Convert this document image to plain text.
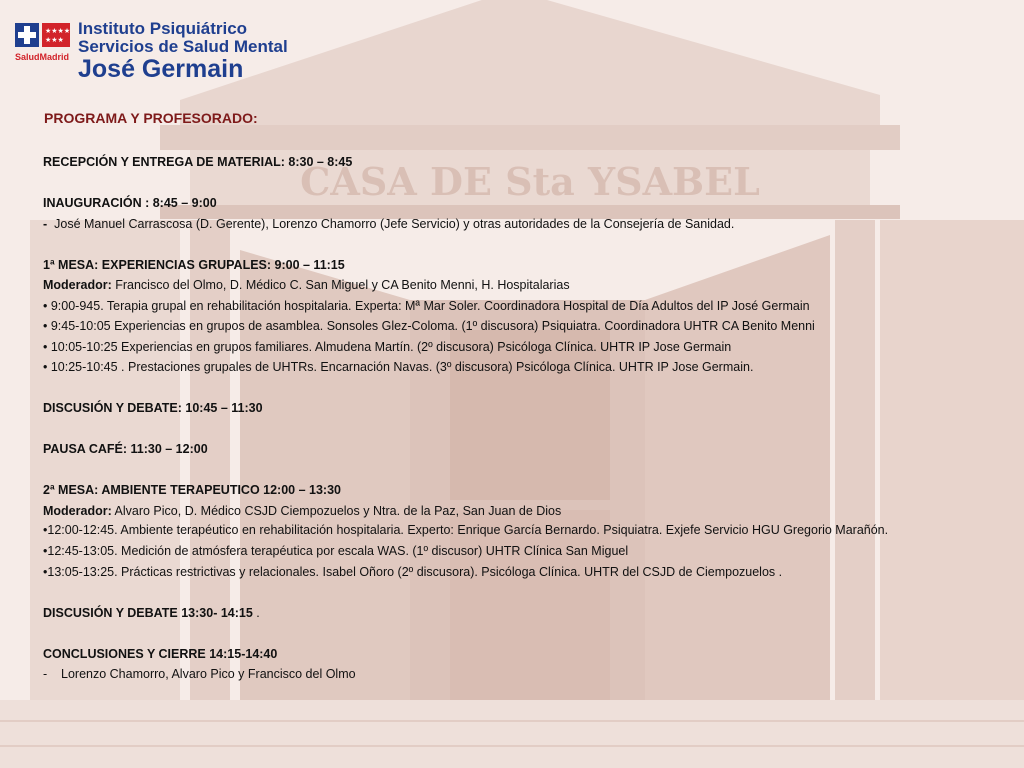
CASA DE Sta YSABEL
★★★★
★★★
SaludMadrid
Instituto Psiquiátrico
Servicios de Salud Mental
José Germain
PROGRAMA Y PROFESORADO:

RECEPCIÓN Y ENTREGA DE MATERIAL: 8:30 – 8:45

INAUGURACIÓN : 8:45 – 9:00

- José Manuel Carrascosa (D. Gerente), Lorenzo Chamorro (Jefe Servicio) y otras autoridades de la Consejería de Sanidad.

1ª MESA: EXPERIENCIAS GRUPALES: 9:00 – 11:15

Moderador: Francisco del Olmo, D. Médico C. San Miguel y CA Benito Menni, H. Hospitalarias

• 9:00-945. Terapia grupal en rehabilitación hospitalaria. Experta: Mª Mar Soler. Coordinadora Hospital de Día Adultos del IP José Germain

• 9:45-10:05 Experiencias en grupos de asamblea. Sonsoles Glez-Coloma. (1º discusora) Psiquiatra. Coordinadora UHTR CA Benito Menni

• 10:05-10:25 Experiencias en grupos familiares. Almudena Martín. (2º discusora) Psicóloga Clínica. UHTR IP Jose Germain

• 10:25-10:45 . Prestaciones grupales de UHTRs. Encarnación Navas. (3º discusora) Psicóloga Clínica. UHTR IP Jose Germain.

DISCUSIÓN Y DEBATE: 10:45 – 11:30

PAUSA CAFÉ: 11:30 – 12:00

2ª MESA: AMBIENTE TERAPEUTICO 12:00 – 13:30

Moderador: Alvaro Pico, D. Médico CSJD Ciempozuelos y Ntra. de la Paz, San Juan de Dios

•12:00-12:45. Ambiente terapéutico en rehabilitación hospitalaria. Experto: Enrique García Bernardo. Psiquiatra. Exjefe Servicio HGU Gregorio Marañón.

•12:45-13:05. Medición de atmósfera terapéutica por escala WAS. (1º discusor) UHTR Clínica San Miguel

•13:05-13:25. Prácticas restrictivas y relacionales. Isabel Oñoro (2º discusora). Psicóloga Clínica. UHTR del CSJD de Ciempozuelos .

DISCUSIÓN Y DEBATE 13:30- 14:15 .

CONCLUSIONES Y CIERRE 14:15-14:40

-	Lorenzo Chamorro, Alvaro Pico y Francisco del Olmo
